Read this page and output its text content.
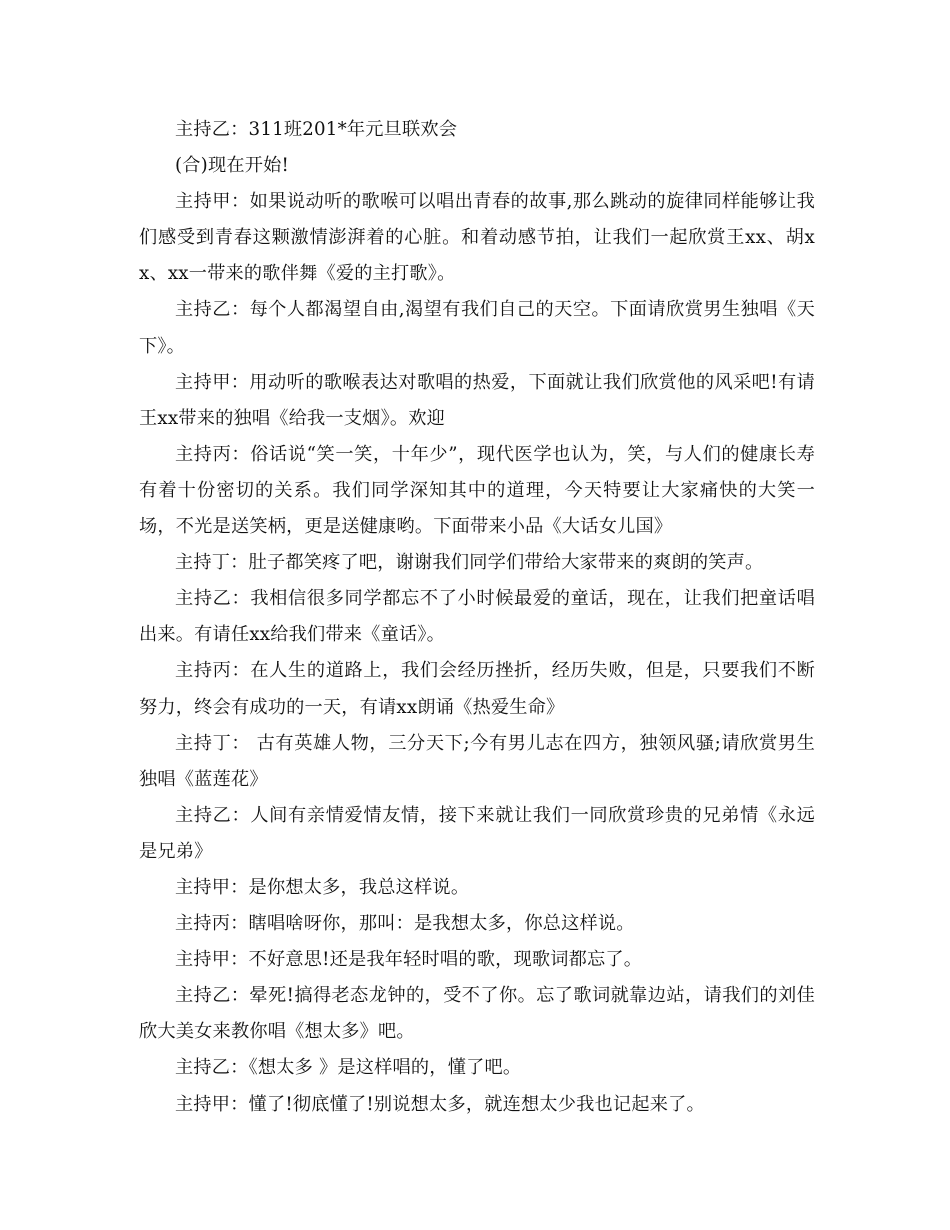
主持乙：311班201*年元旦联欢会

(合)现在开始!

主持甲：如果说动听的歌喉可以唱出青春的故事,那么跳动的旋律同样能够让我们感受到青春这颗激情澎湃着的心脏。和着动感节拍，让我们一起欣赏王xx、胡xx、xx一带来的歌伴舞《爱的主打歌》。

主持乙：每个人都渴望自由,渴望有我们自己的天空。下面请欣赏男生独唱《天下》。

主持甲：用动听的歌喉表达对歌唱的热爱，下面就让我们欣赏他的风采吧!有请王xx带来的独唱《给我一支烟》。欢迎

主持丙：俗话说“笑一笑，十年少”，现代医学也认为，笑，与人们的健康长寿有着十份密切的关系。我们同学深知其中的道理，今天特要让大家痛快的大笑一场，不光是送笑柄，更是送健康哟。下面带来小品《大话女儿国》

主持丁：肚子都笑疼了吧，谢谢我们同学们带给大家带来的爽朗的笑声。

主持乙：我相信很多同学都忘不了小时候最爱的童话，现在，让我们把童话唱出来。有请任xx给我们带来《童话》。

主持丙：在人生的道路上，我们会经历挫折，经历失败，但是，只要我们不断努力，终会有成功的一天，有请xx朗诵《热爱生命》

主持丁： 古有英雄人物，三分天下;今有男儿志在四方，独领风骚;请欣赏男生独唱《蓝莲花》

主持乙：人间有亲情爱情友情，接下来就让我们一同欣赏珍贵的兄弟情《永远是兄弟》

主持甲：是你想太多，我总这样说。

主持丙：瞎唱啥呀你，那叫：是我想太多，你总这样说。

主持甲：不好意思!还是我年轻时唱的歌，现歌词都忘了。

主持乙：晕死!搞得老态龙钟的，受不了你。忘了歌词就靠边站，请我们的刘佳欣大美女来教你唱《想太多》吧。

主持乙：《想太多 》是这样唱的，懂了吧。

主持甲：懂了!彻底懂了!别说想太多，就连想太少我也记起来了。
